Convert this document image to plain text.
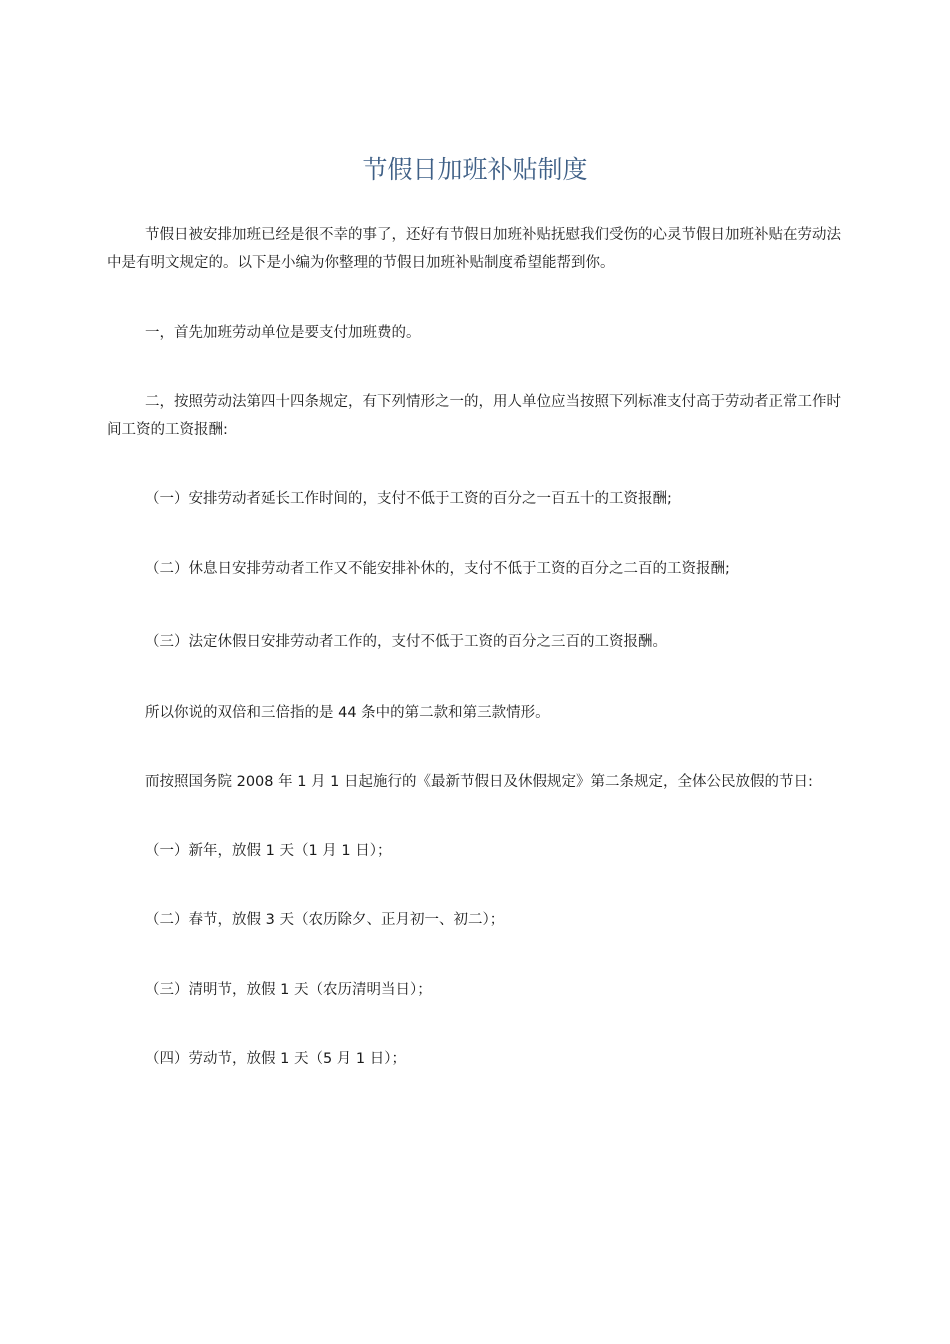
节假日加班补贴制度

节假日被安排加班已经是很不幸的事了，还好有节假日加班补贴抚慰我们受伤的心灵节假日加班补贴在劳动法中是有明文规定的。以下是小编为你整理的节假日加班补贴制度希望能帮到你。

一，首先加班劳动单位是要支付加班费的。

二，按照劳动法第四十四条规定，有下列情形之一的，用人单位应当按照下列标准支付高于劳动者正常工作时间工资的工资报酬:

（一）安排劳动者延长工作时间的，支付不低于工资的百分之一百五十的工资报酬;

（二）休息日安排劳动者工作又不能安排补休的，支付不低于工资的百分之二百的工资报酬;

（三）法定休假日安排劳动者工作的，支付不低于工资的百分之三百的工资报酬。

所以你说的双倍和三倍指的是 44 条中的第二款和第三款情形。

而按照国务院 2008 年 1 月 1 日起施行的《最新节假日及休假规定》第二条规定，全体公民放假的节日:

（一）新年，放假 1 天（1 月 1 日）；

（二）春节，放假 3 天（农历除夕、正月初一、初二）；

（三）清明节，放假 1 天（农历清明当日）；

（四）劳动节，放假 1 天（5 月 1 日）；
